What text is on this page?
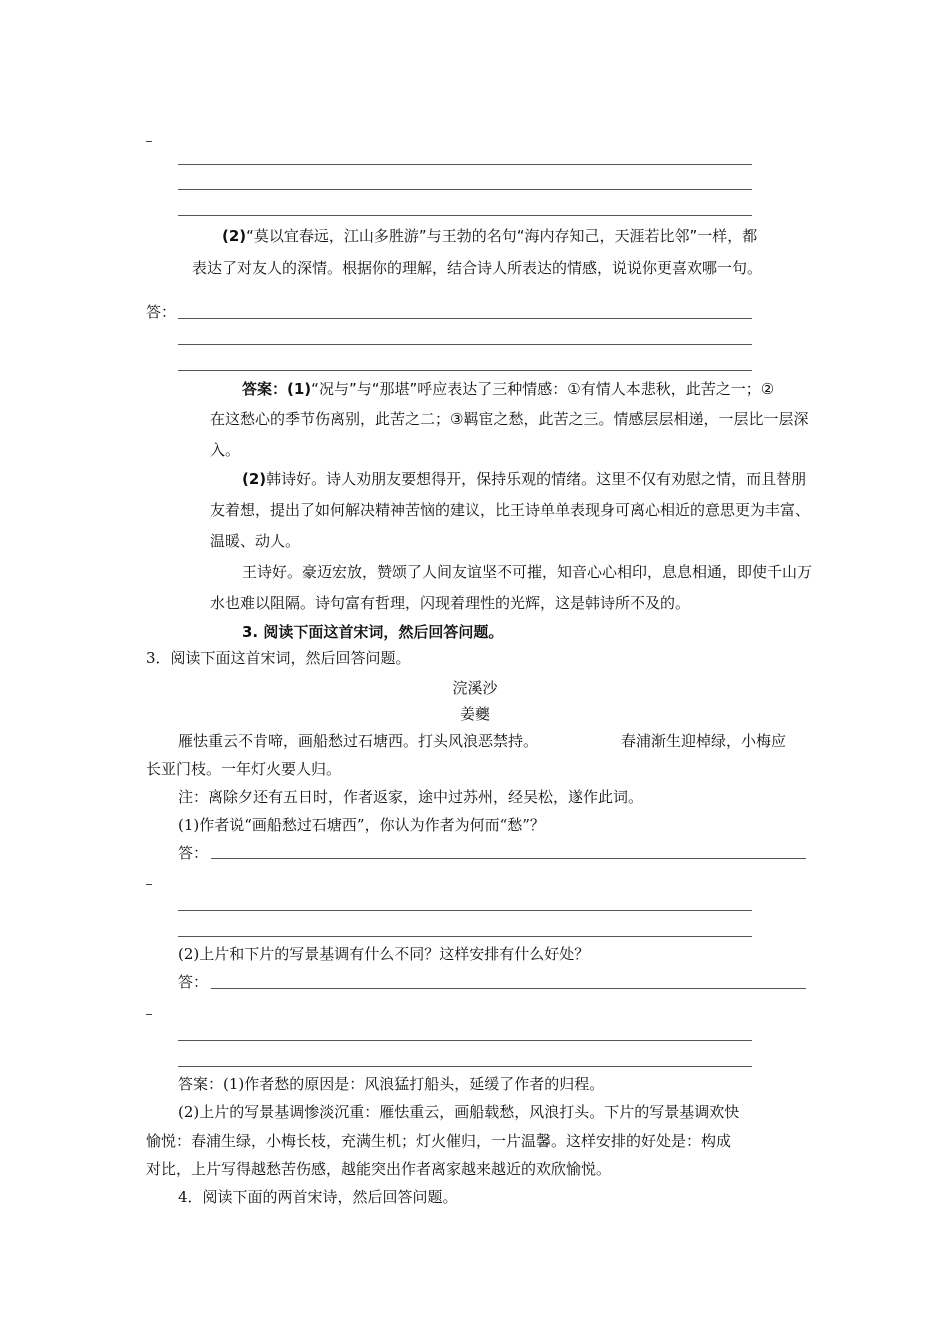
(2)“莫以宜春远，江山多胜游”与王勃的名句“海内存知己，天涯若比邻”一样，都
表达了对友人的深情。根据你的理解，结合诗人所表达的情感，说说你更喜欢哪一句。
答：
答案：(1)“况与”与“那堪”呼应表达了三种情感：①有情人本悲秋，此苦之一；②
在这愁心的季节伤离别，此苦之二；③羁宦之愁，此苦之三。情感层层相递，一层比一层深
入。
(2)韩诗好。诗人劝朋友要想得开，保持乐观的情绪。这里不仅有劝慰之情，而且替朋
友着想，提出了如何解决精神苦恼的建议，比王诗单单表现身可离心相近的意思更为丰富、
温暖、动人。
王诗好。豪迈宏放，赞颂了人间友谊坚不可摧，知音心心相印，息息相通，即使千山万
水也难以阻隔。诗句富有哲理，闪现着理性的光辉，这是韩诗所不及的。
3. 阅读下面这首宋词，然后回答问题。
3．阅读下面这首宋词，然后回答问题。
浣溪沙
姜夔
雁怯重云不肯啼，画船愁过石塘西。打头风浪恶禁持。	春浦渐生迎棹绿，小梅应
长亚门枝。一年灯火要人归。
注：离除夕还有五日时，作者返家，途中过苏州，经吴松，遂作此词。
(1)作者说“画船愁过石塘西”，你认为作者为何而“愁”？
答：
(2)上片和下片的写景基调有什么不同？这样安排有什么好处？
答：
答案：(1)作者愁的原因是：风浪猛打船头，延缓了作者的归程。
(2)上片的写景基调惨淡沉重：雁怯重云，画船载愁，风浪打头。下片的写景基调欢快
愉悦：春浦生绿，小梅长枝，充满生机；灯火催归，一片温馨。这样安排的好处是：构成
对比，上片写得越愁苦伤感，越能突出作者离家越来越近的欢欣愉悦。
4．阅读下面的两首宋诗，然后回答问题。
